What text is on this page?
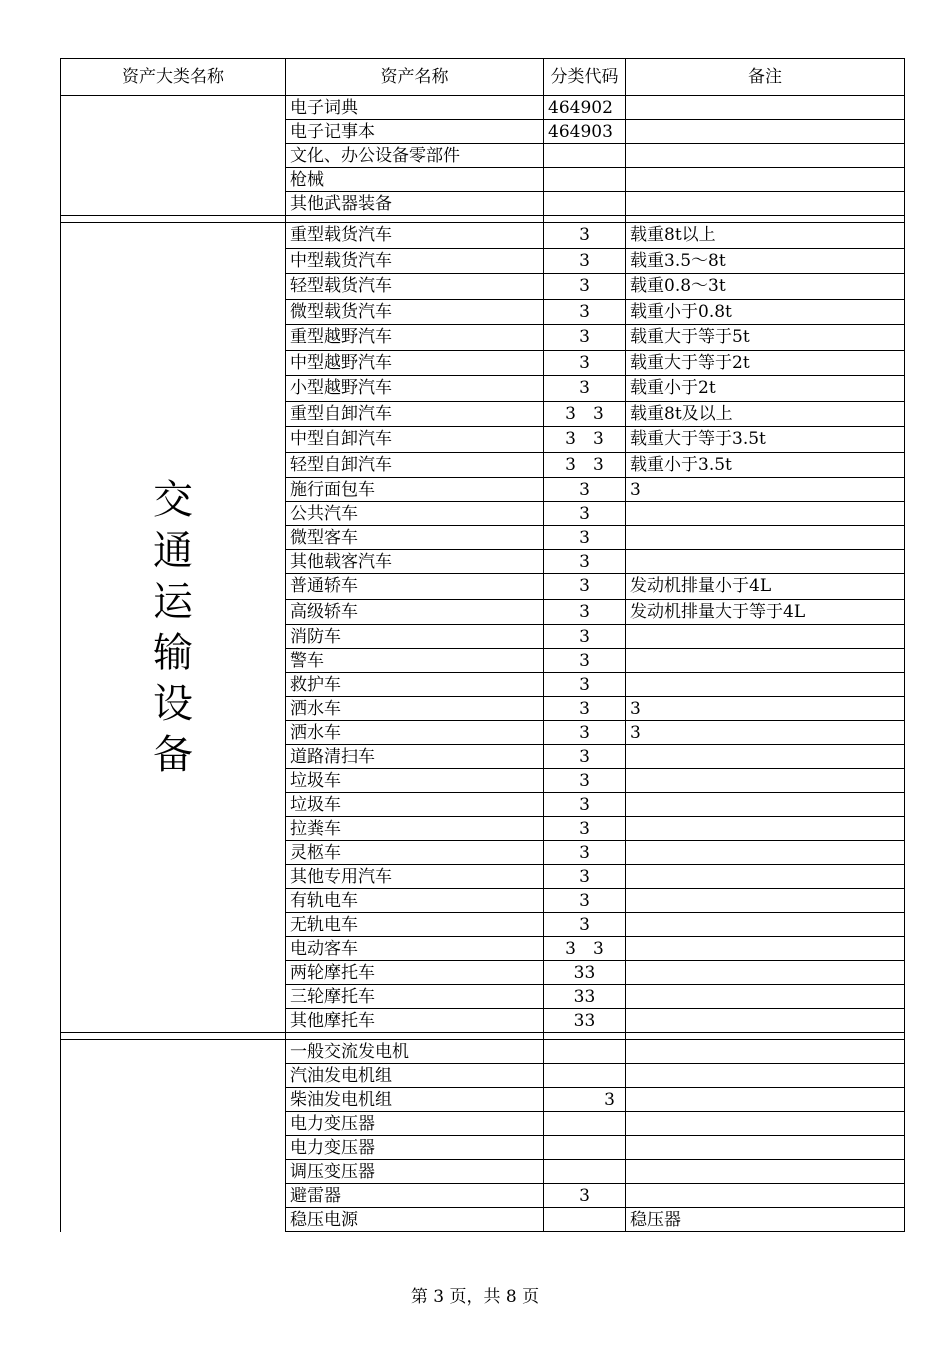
资产大类名称	资产名称	分类代码	备注
	电子词典	464902	
	电子记事本	464903	
	文化、办公设备零部件		
	枪械		
	其他武器装备		

交通运输设备	重型载货汽车	3	载重8t以上
	中型载货汽车	3	载重3.5～8t
	轻型载货汽车	3	载重0.8～3t
	微型载货汽车	3	载重小于0.8t
	重型越野汽车	3	载重大于等于5t
	中型越野汽车	3	载重大于等于2t
	小型越野汽车	3	载重小于2t
	重型自卸汽车	3　3	载重8t及以上
	中型自卸汽车	3　3	载重大于等于3.5t
	轻型自卸汽车	3　3	载重小于3.5t
	施行面包车	3	3
	公共汽车	3	
	微型客车	3	
	其他载客汽车	3	
	普通轿车	3	发动机排量小于4L
	高级轿车	3	发动机排量大于等于4L
	消防车	3	
	警车	3	
	救护车	3	
	洒水车	3	3
	洒水车	3	3
	道路清扫车	3	
	垃圾车	3	
	垃圾车	3	
	拉粪车	3	
	灵柩车	3	
	其他专用汽车	3	
	有轨电车	3	
	无轨电车	3	
	电动客车	3　3	
	两轮摩托车	33	
	三轮摩托车	33	
	其他摩托车	33	

	一般交流发电机		
	汽油发电机组		
	柴油发电机组	3	
	电力变压器		
	电力变压器		
	调压变压器		
	避雷器	3	
	稳压电源		稳压器
第 3 页，共 8 页
